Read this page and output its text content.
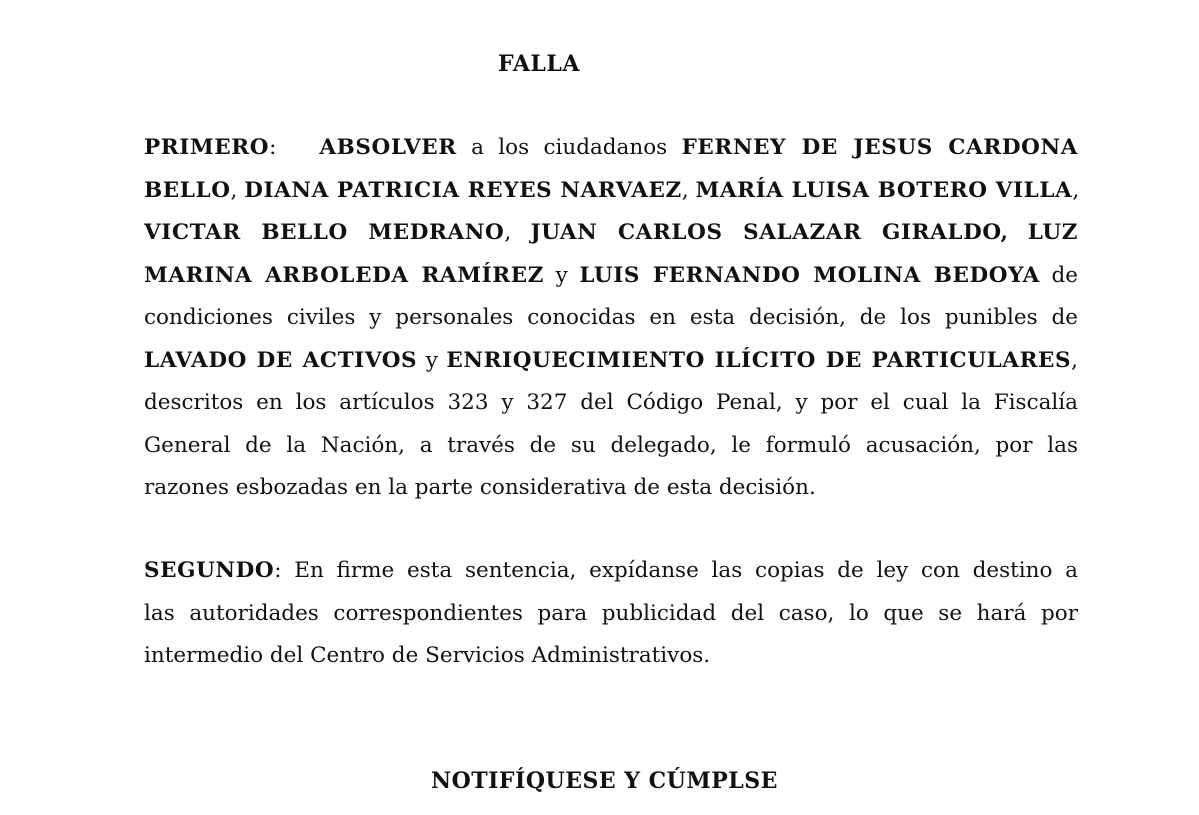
FALLA
PRIMERO: ABSOLVER a los ciudadanos FERNEY DE JESUS CARDONA
BELLO, DIANA PATRICIA REYES NARVAEZ, MARÍA LUISA BOTERO VILLA,
VICTAR BELLO MEDRANO, JUAN CARLOS SALAZAR GIRALDO, LUZ
MARINA ARBOLEDA RAMÍREZ y LUIS FERNANDO MOLINA BEDOYA de
condiciones civiles y personales conocidas en esta decisión, de los punibles de
LAVADO DE ACTIVOS y ENRIQUECIMIENTO ILÍCITO DE PARTICULARES,
descritos en los artículos 323 y 327 del Código Penal, y por el cual la Fiscalía
General de la Nación, a través de su delegado, le formuló acusación, por las
razones esbozadas en la parte considerativa de esta decisión.
SEGUNDO: En firme esta sentencia, expídanse las copias de ley con destino a
las autoridades correspondientes para publicidad del caso, lo que se hará por
intermedio del Centro de Servicios Administrativos.
NOTIFÍQUESE Y CÚMPLSE
